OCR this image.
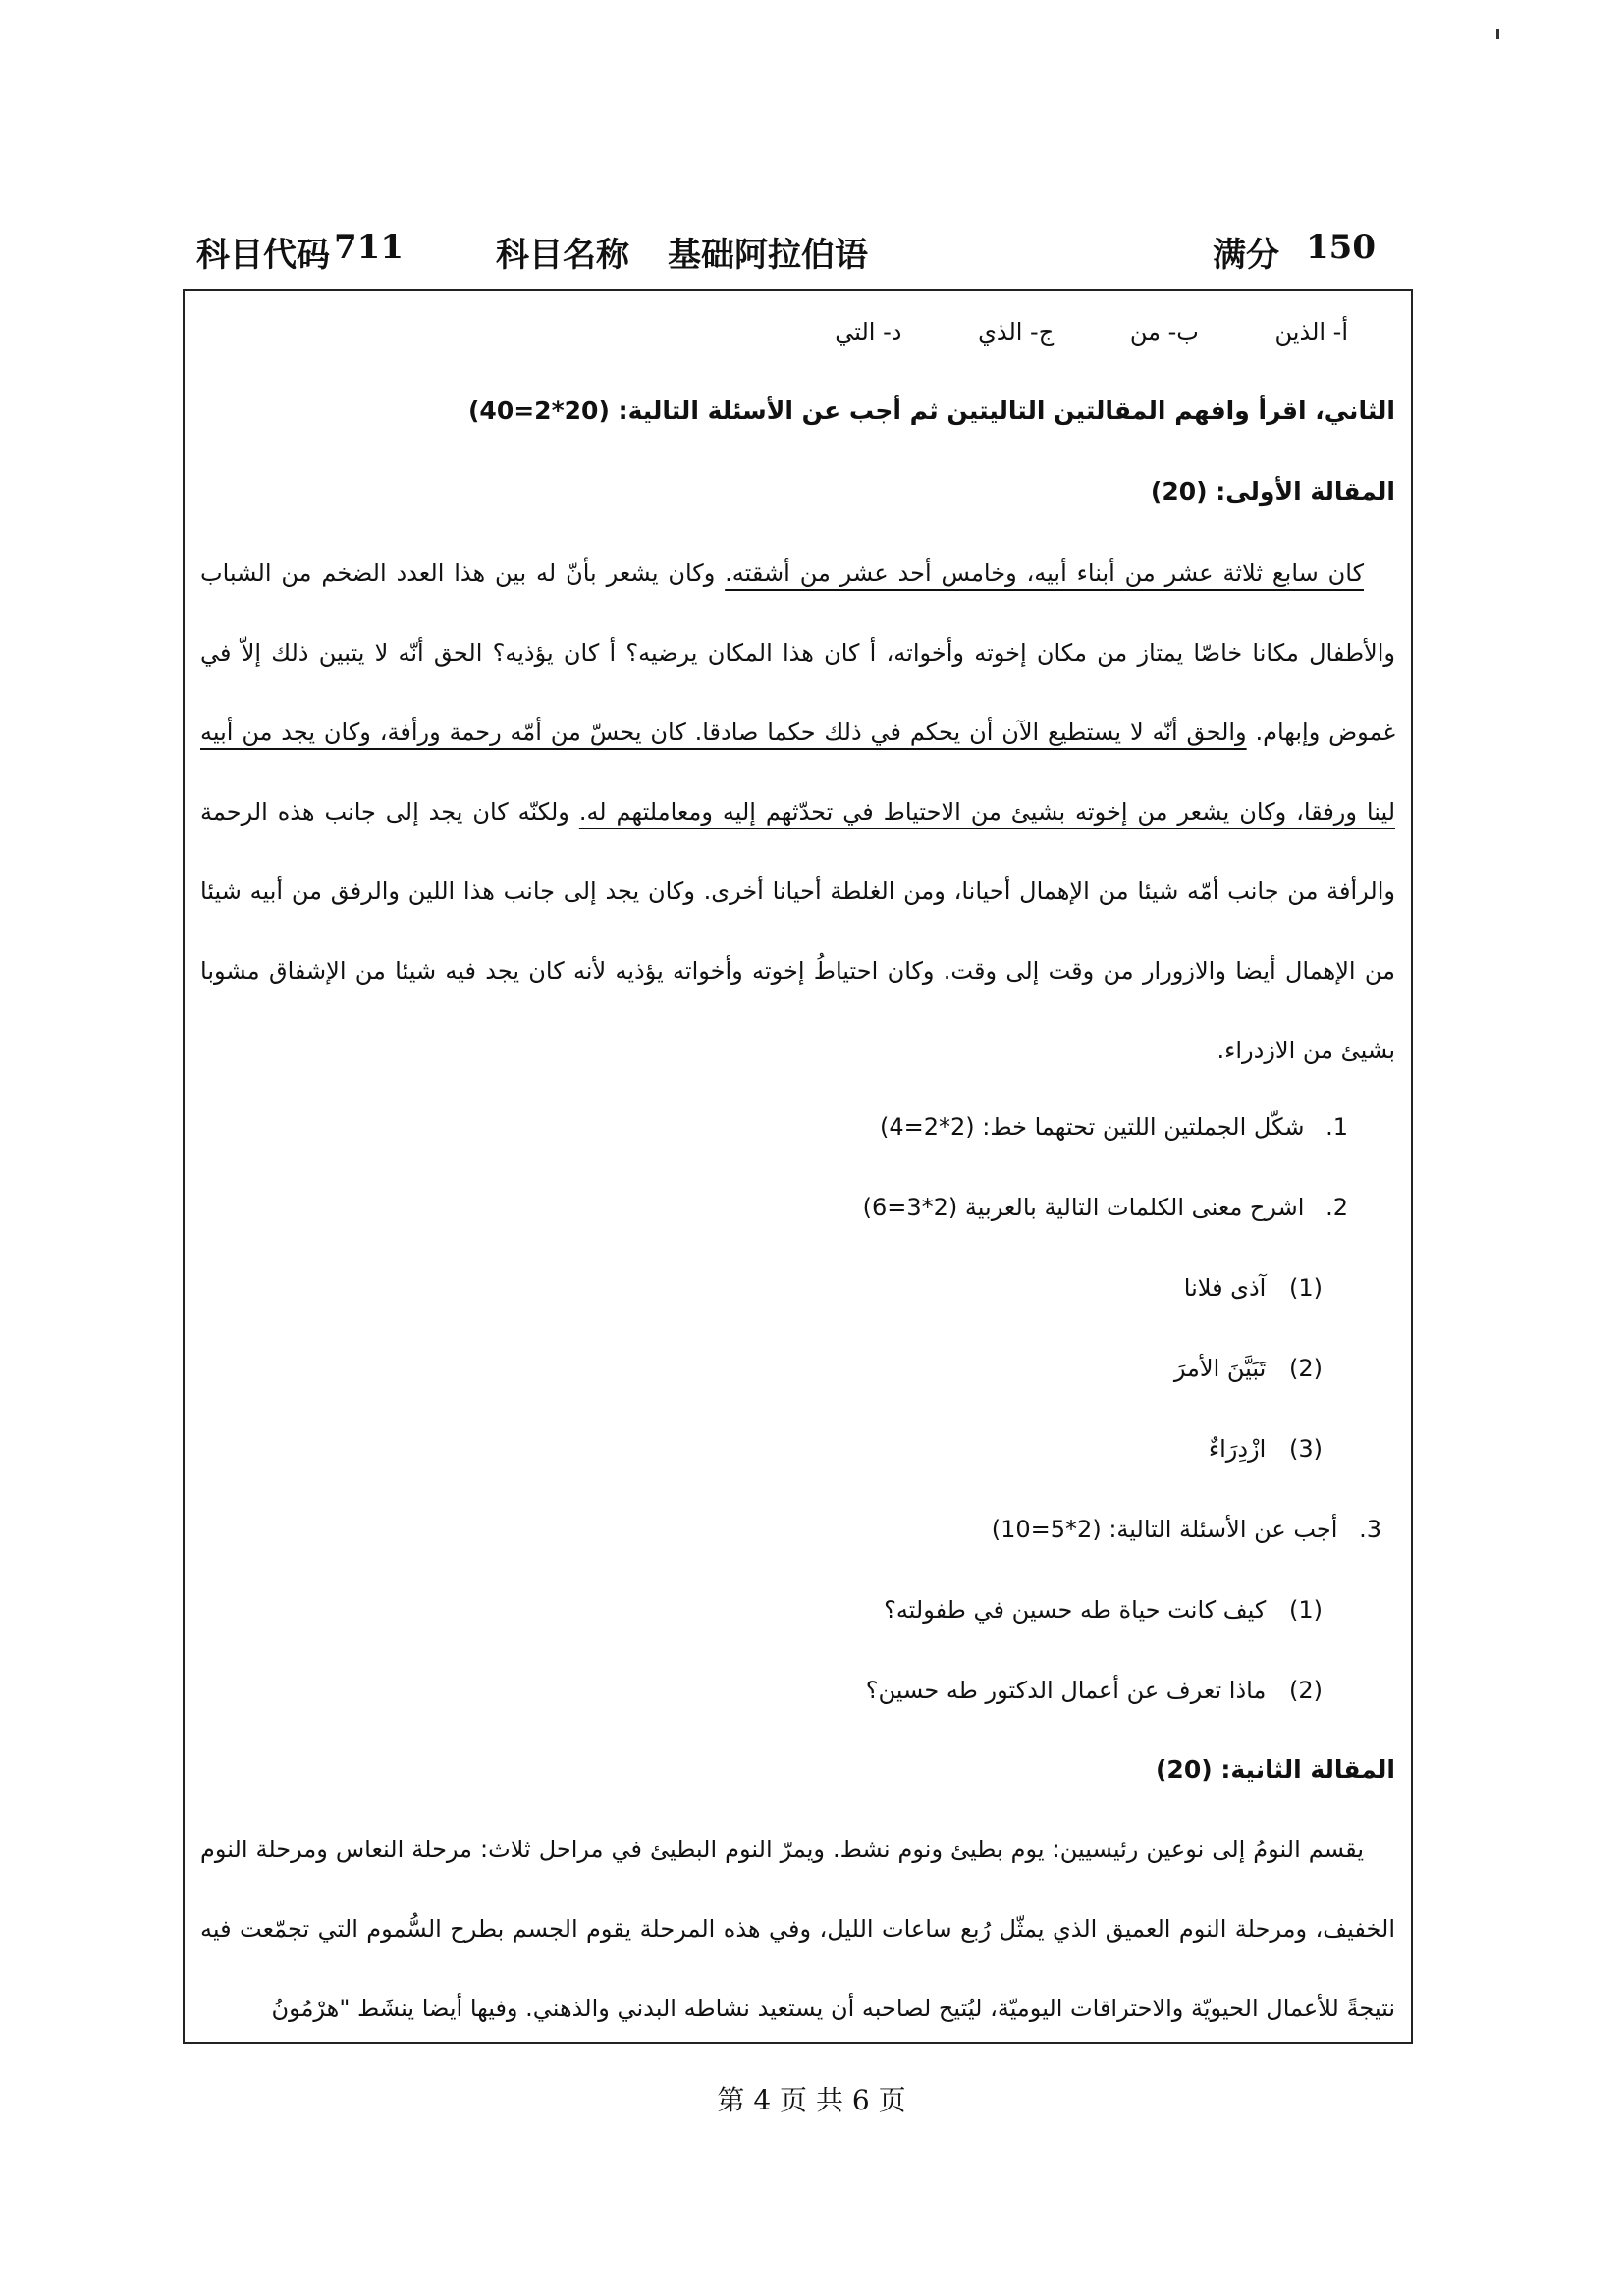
科目代码 711	科目名称 基础阿拉伯语	满分 150
أ- الذين ب- من ج- الذي د- التي
الثاني، اقرأ وافهم المقالتين التاليتين ثم أجب عن الأسئلة التالية: (20*2=40)
المقالة الأولى: (20)
كان سابع ثلاثة عشر من أبناء أبيه، وخامس أحد عشر من أشقته. وكان يشعر بأنّ له بين هذا العدد الضخم من الشباب والأطفال مكانا خاصّا يمتاز من مكان إخوته وأخواته، أ كان هذا المكان يرضيه؟ أ كان يؤذيه؟ الحق أنّه لا يتبين ذلك إلاّ في غموض وإبهام. والحق أنّه لا يستطيع الآن أن يحكم في ذلك حكما صادقا. كان يحسّ من أمّه رحمة ورأفة، وكان يجد من أبيه لينا ورفقا، وكان يشعر من إخوته بشيئ من الاحتياط في تحدّثهم إليه ومعاملتهم له. ولكنّه كان يجد إلى جانب هذه الرحمة والرأفة من جانب أمّه شيئا من الإهمال أحيانا، ومن الغلطة أحيانا أخرى. وكان يجد إلى جانب هذا اللين والرفق من أبيه شيئا من الإهمال أيضا والازورار من وقت إلى وقت. وكان احتياطُ إخوته وأخواته يؤذيه لأنه كان يجد فيه شيئا من الإشفاق مشوبا بشيئ من الازدراء.
1. شكّل الجملتين اللتين تحتهما خط: (2*2=4)
2. اشرح معنى الكلمات التالية بالعربية (2*3=6)
(1) آذى فلانا
(2) تَبَيَّنَ الأمرَ
(3) ازْدِرَاءٌ
3. أجب عن الأسئلة التالية: (2*5=10)
(1) كيف كانت حياة طه حسين في طفولته؟
(2) ماذا تعرف عن أعمال الدكتور طه حسين؟
المقالة الثانية: (20)
يقسم النومُ إلى نوعين رئيسيين: يوم بطيئ ونوم نشط. ويمرّ النوم البطيئ في مراحل ثلاث: مرحلة النعاس ومرحلة النوم الخفيف، ومرحلة النوم العميق الذي يمثّل رُبع ساعات الليل، وفي هذه المرحلة يقوم الجسم بطرح السُّموم التي تجمّعت فيه نتيجةً للأعمال الحيويّة والاحتراقات اليوميّة، ليُتيح لصاحبه أن يستعيد نشاطه البدني والذهني. وفيها أيضا ينشَط "هرْمُونُ
第 4 页 共 6 页
